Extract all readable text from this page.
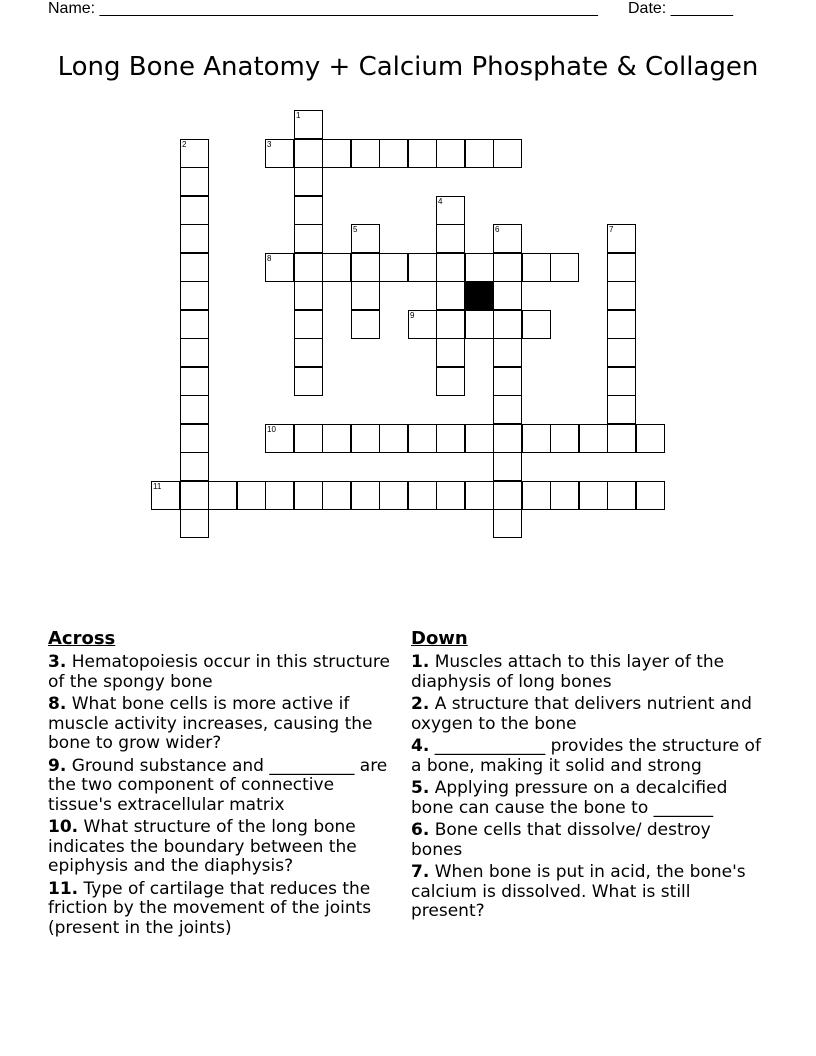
Name: ________________________________________________________ Date: _______
Long Bone Anatomy + Calcium Phosphate & Collagen
1
2	3
4
5	6	7
8
9
10
11
Across
3. Hematopoiesis occur in this structure of the spongy bone
8. What bone cells is more active if muscle activity increases, causing the bone to grow wider?
9. Ground substance and __________ are the two component of connective tissue's extracellular matrix
10. What structure of the long bone indicates the boundary between the epiphysis and the diaphysis?
11. Type of cartilage that reduces the friction by the movement of the joints (present in the joints)
Down
1. Muscles attach to this layer of the diaphysis of long bones
2. A structure that delivers nutrient and oxygen to the bone
4. _____________ provides the structure of a bone, making it solid and strong
5. Applying pressure on a decalcified bone can cause the bone to _______
6. Bone cells that dissolve/ destroy bones
7. When bone is put in acid, the bone's calcium is dissolved. What is still present?
